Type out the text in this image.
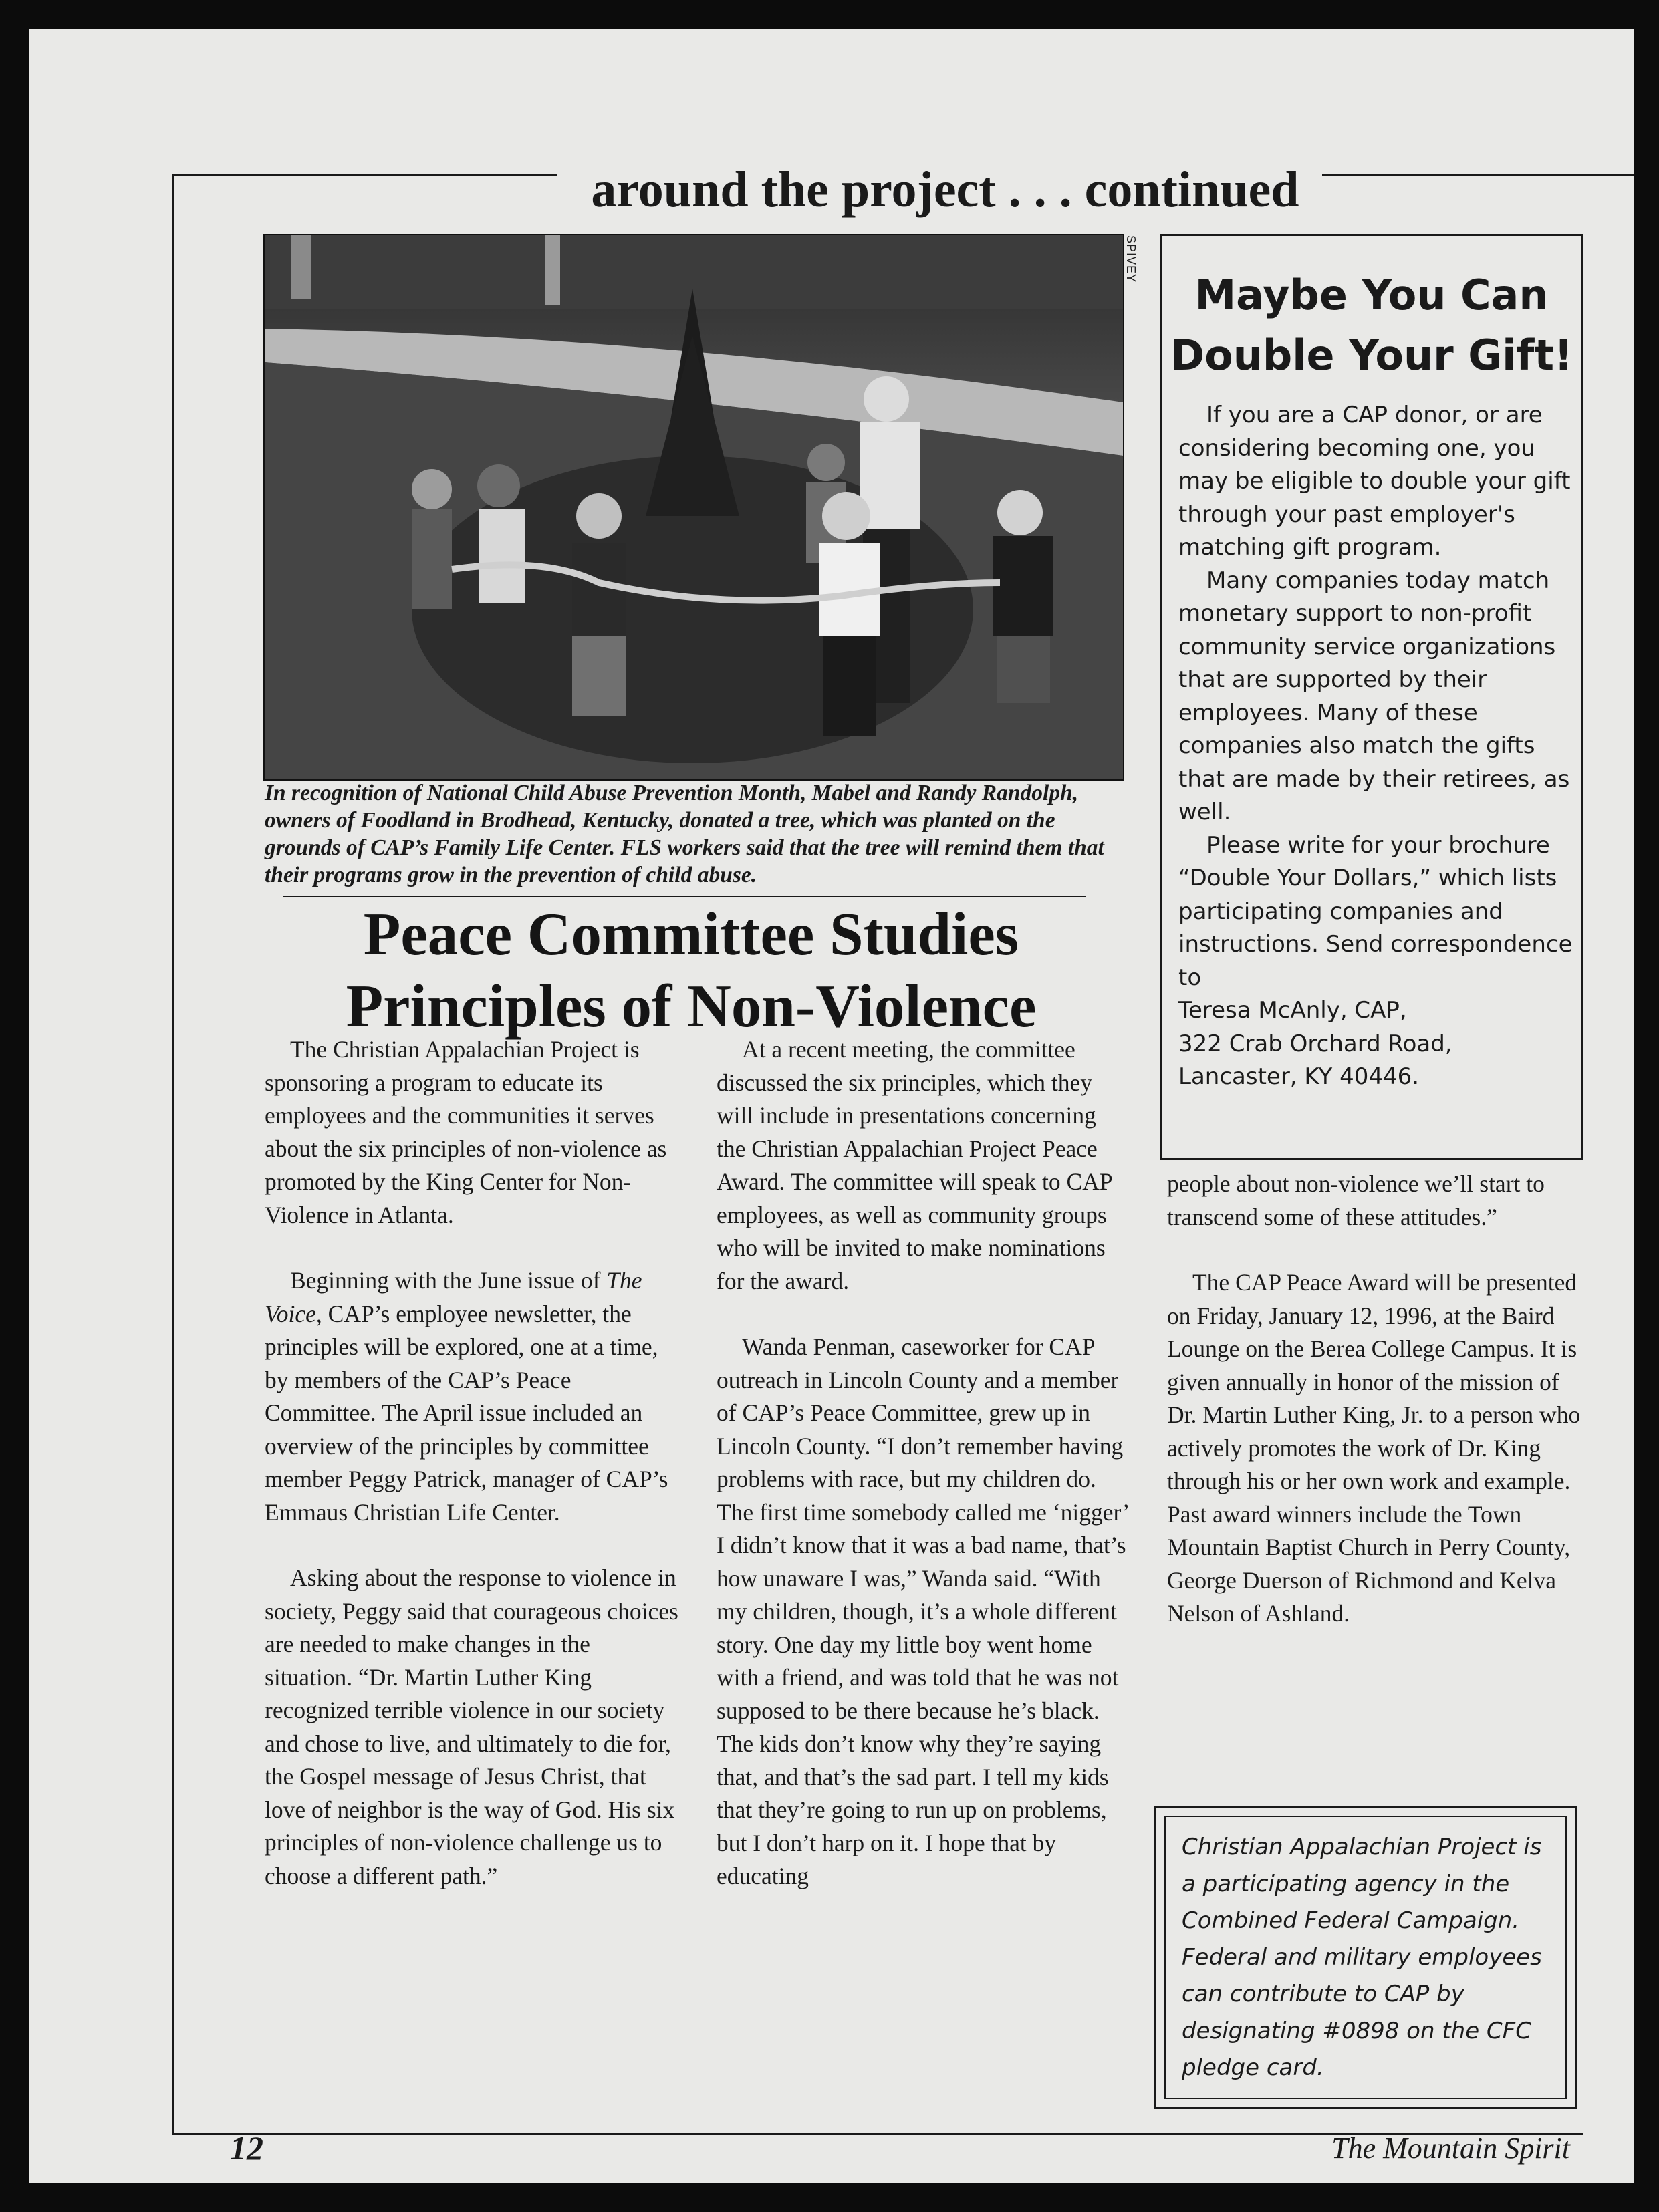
around the project . . . continued
SPIVEY
In recognition of National Child Abuse Prevention Month, Mabel and Randy Randolph, owners of Foodland in Brodhead, Kentucky, donated a tree, which was planted on the grounds of CAP’s Family Life Center. FLS workers said that the tree will remind them that their programs grow in the prevention of child abuse.
Peace Committee Studies
Principles of Non-Violence

The Christian Appalachian Project is sponsoring a program to educate its employees and the communities it serves about the six principles of non-violence as promoted by the King Center for Non-Violence in Atlanta.

Beginning with the June issue of The Voice, CAP’s employee newsletter, the principles will be explored, one at a time, by members of the CAP’s Peace Committee. The April issue included an overview of the principles by committee member Peggy Patrick, manager of CAP’s Emmaus Christian Life Center.

Asking about the response to violence in society, Peggy said that courageous choices are needed to make changes in the situation. “Dr. Martin Luther King recognized terrible violence in our society and chose to live, and ultimately to die for, the Gospel message of Jesus Christ, that love of neighbor is the way of God. His six principles of non-violence challenge us to choose a different path.”

At a recent meeting, the committee discussed the six principles, which they will include in presentations concerning the Christian Appalachian Project Peace Award. The committee will speak to CAP employees, as well as community groups who will be invited to make nominations for the award.

Wanda Penman, caseworker for CAP outreach in Lincoln County and a member of CAP’s Peace Committee, grew up in Lincoln County. “I don’t remember having problems with race, but my children do. The first time somebody called me ‘nigger’ I didn’t know that it was a bad name, that’s how unaware I was,” Wanda said. “With my children, though, it’s a whole different story. One day my little boy went home with a friend, and was told that he was not supposed to be there because he’s black. The kids don’t know why they’re saying that, and that’s the sad part. I tell my kids that they’re going to run up on problems, but I don’t harp on it. I hope that by educating

people about non-violence we’ll start to transcend some of these attitudes.”

The CAP Peace Award will be presented on Friday, January 12, 1996, at the Baird Lounge on the Berea College Campus. It is given annually in honor of the mission of Dr. Martin Luther King, Jr. to a person who actively promotes the work of Dr. King through his or her own work and example. Past award winners include the Town Mountain Baptist Church in Perry County, George Duerson of Richmond and Kelva Nelson of Ashland.

Maybe You Can
Double Your Gift!

If you are a CAP donor, or are considering becoming one, you may be eligible to double your gift through your past employer's matching gift program.

Many companies today match monetary support to non-profit community service organizations that are supported by their employees. Many of these companies also match the gifts that are made by their retirees, as well.

Please write for your brochure “Double Your Dollars,” which lists participating companies and instructions. Send correspondence to

Teresa McAnly, CAP,
322 Crab Orchard Road,
Lancaster, KY 40446.
Christian Appalachian Project is a participating agency in the Combined Federal Campaign. Federal and military employees can contribute to CAP by designating #0898 on the CFC pledge card.
12	The Mountain Spirit
